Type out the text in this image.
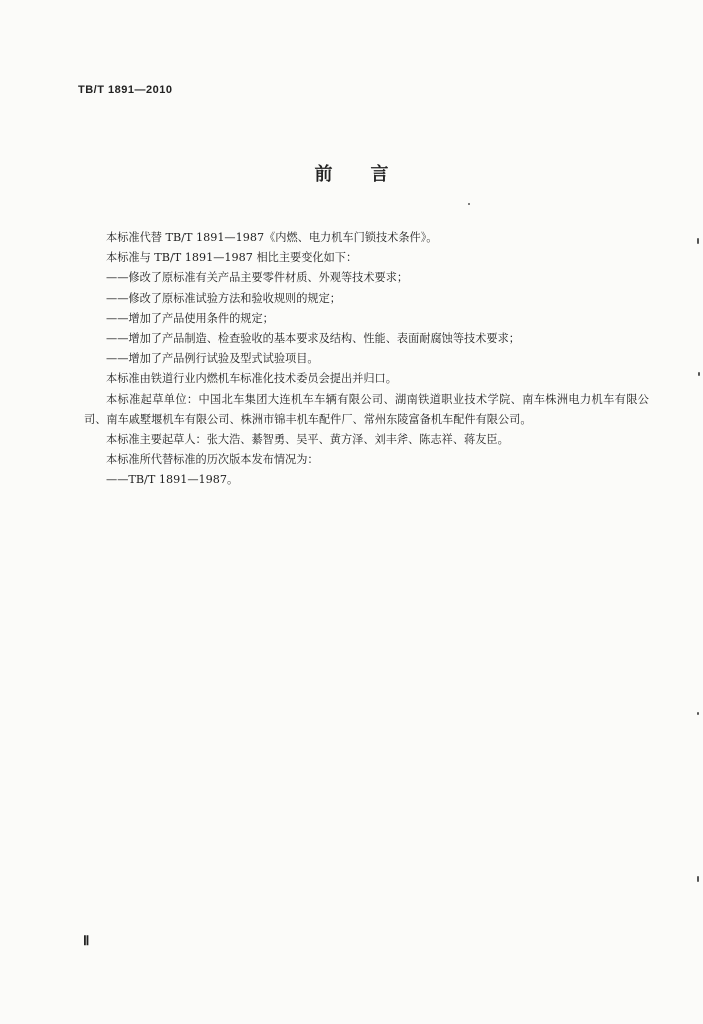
TB/T 1891—2010
前 言

本标准代替 TB/T 1891—1987《内燃、电力机车门锁技术条件》。

本标准与 TB/T 1891—1987 相比主要变化如下：

——修改了原标准有关产品主要零件材质、外观等技术要求；

——修改了原标准试验方法和验收规则的规定；

——增加了产品使用条件的规定；

——增加了产品制造、检查验收的基本要求及结构、性能、表面耐腐蚀等技术要求；

——增加了产品例行试验及型式试验项目。

本标准由铁道行业内燃机车标准化技术委员会提出并归口。

本标准起草单位：中国北车集团大连机车车辆有限公司、湖南铁道职业技术学院、南车株洲电力机车有限公司、南车戚墅堰机车有限公司、株洲市锦丰机车配件厂、常州东陵富备机车配件有限公司。

本标准主要起草人：张大浩、綦智勇、吴平、黄方泽、刘丰斧、陈志祥、蒋友臣。

本标准所代替标准的历次版本发布情况为：

——TB/T 1891—1987。

Ⅱ
